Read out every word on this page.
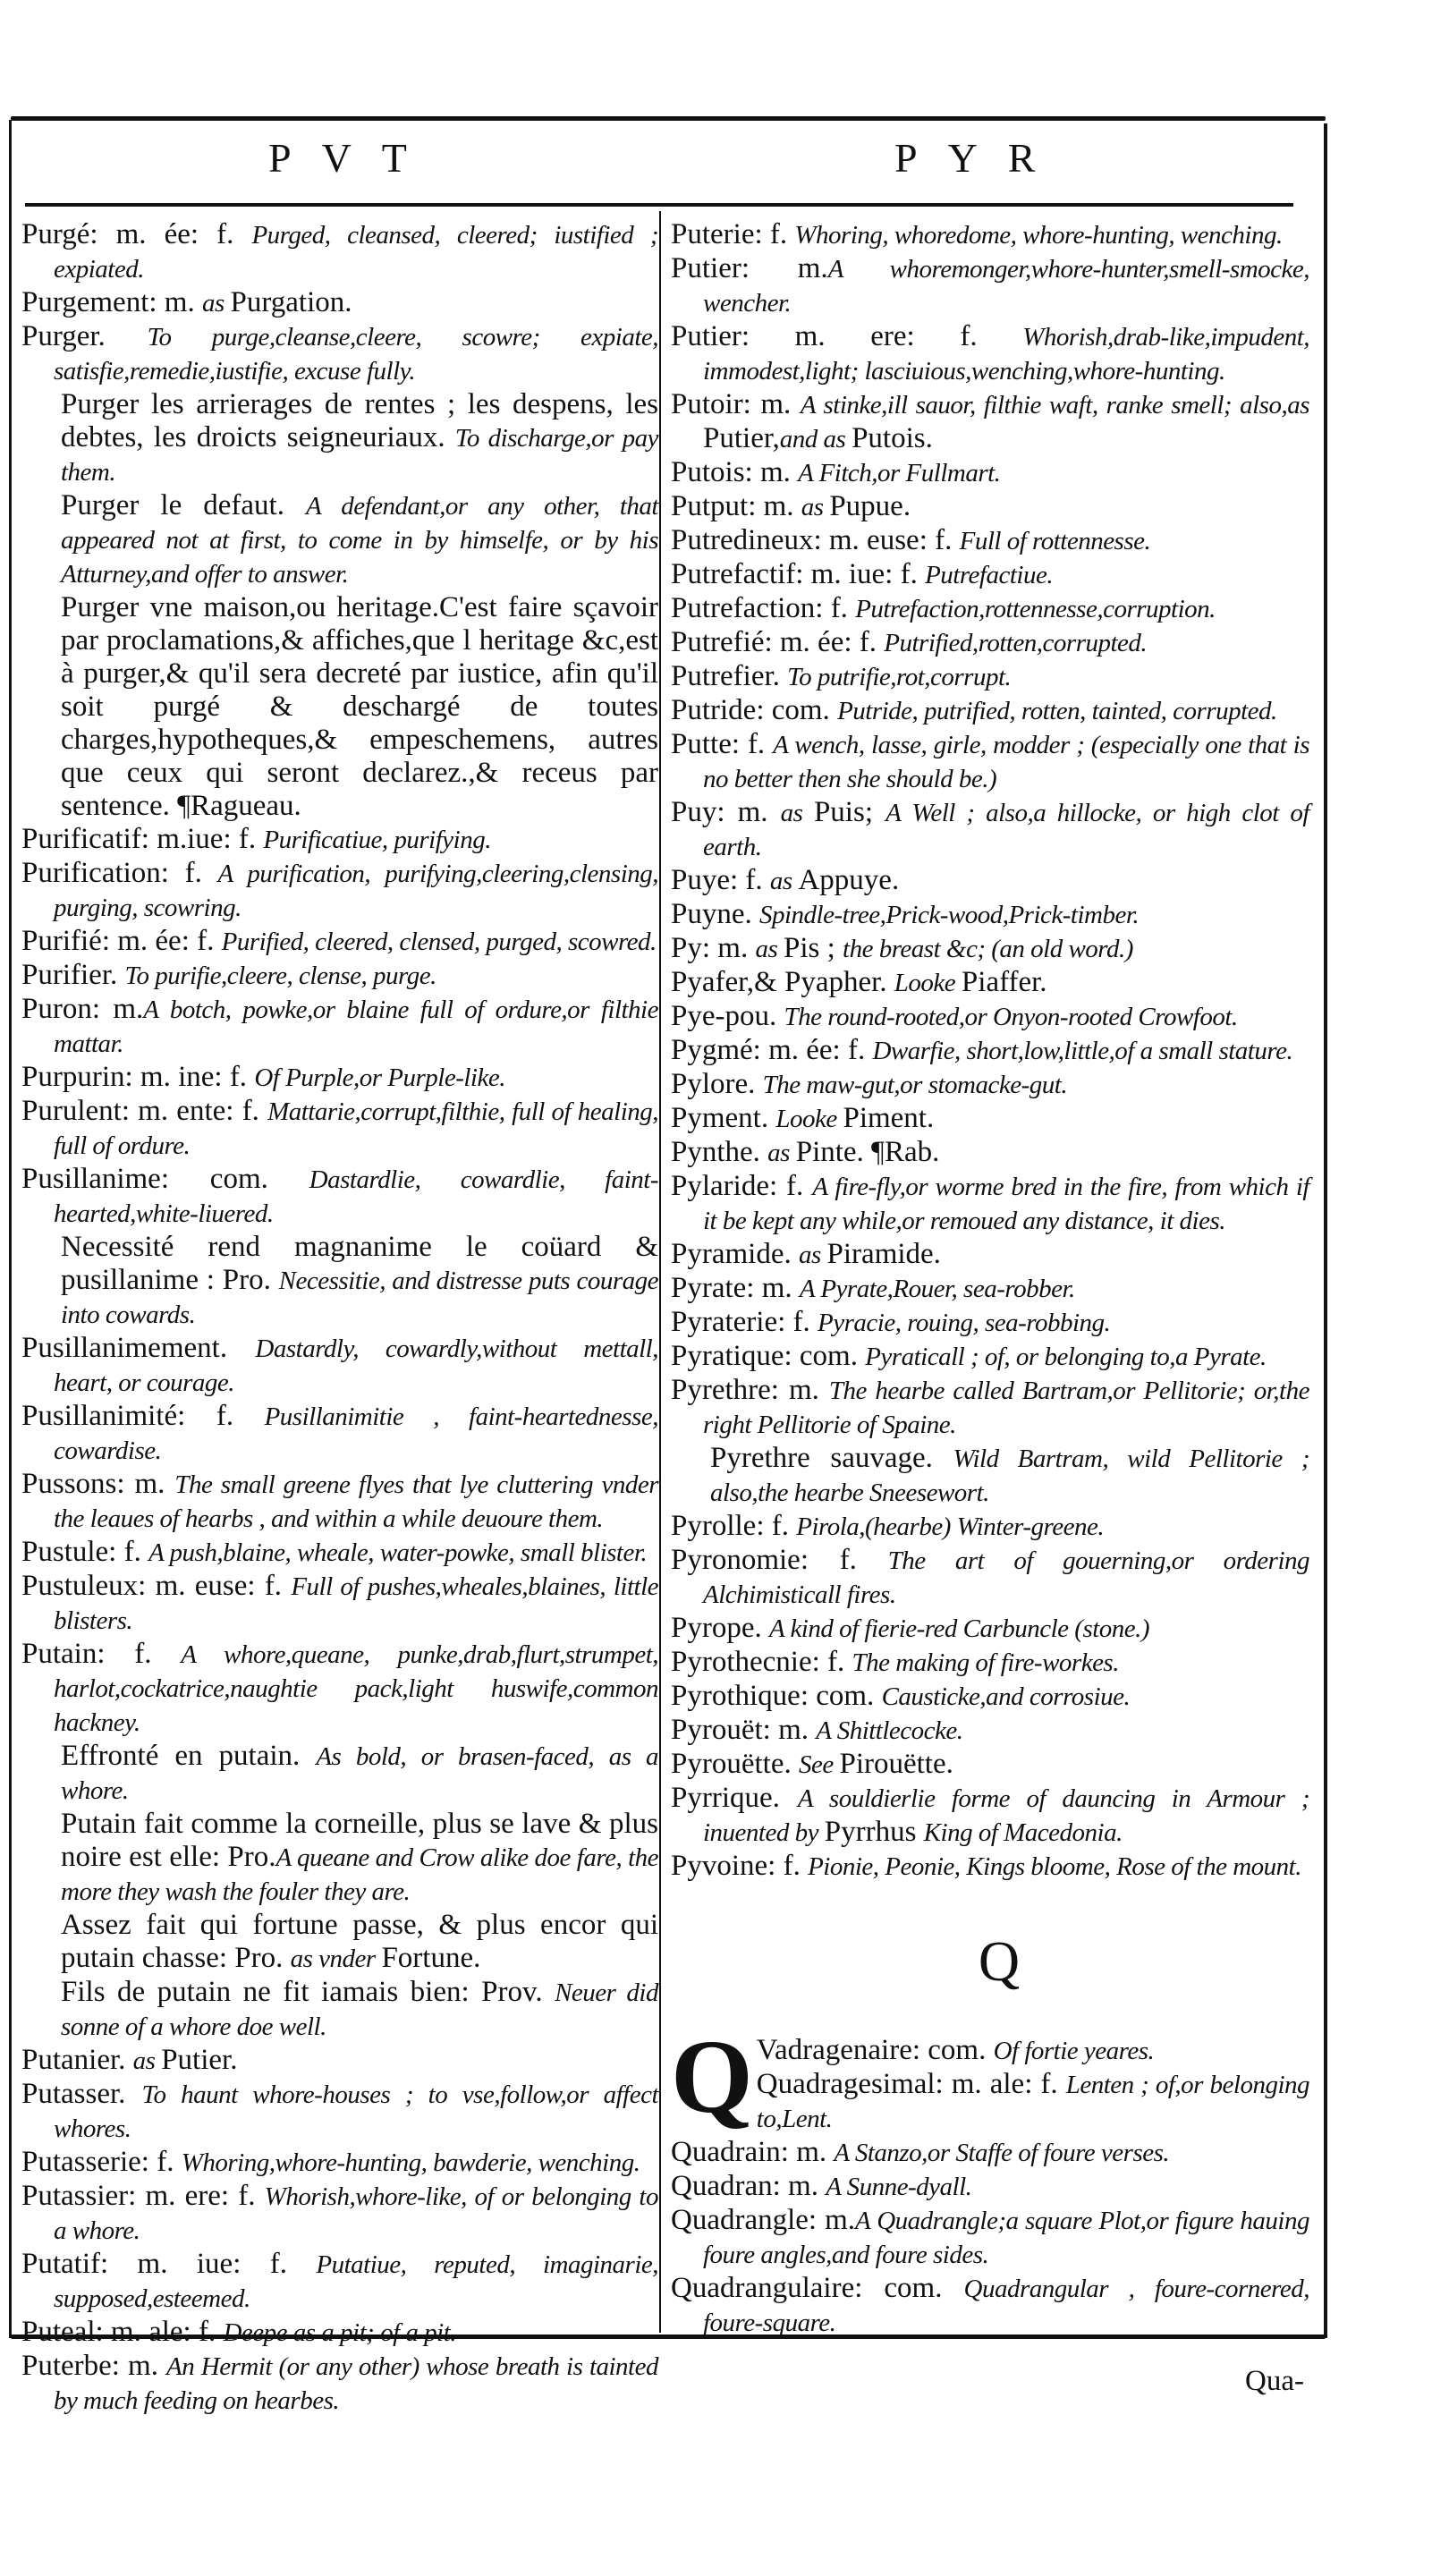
PVT	PYR
Purgé: m. ée: f. Purged, cleansed, cleered; iustified ; expiated.
Purgement: m. as Purgation.
Purger. To purge,cleanse,cleere, scowre; expiate, satisfie,remedie,iustifie, excuse fully.
Purger les arrierages de rentes ; les despens, les debtes, les droicts seigneuriaux. To discharge,or pay them.
Purger le defaut. A defendant,or any other, that appeared not at first, to come in by himselfe, or by his Atturney,and offer to answer.
Purger vne maison,ou heritage.C'est faire sçavoir par proclamations,& affiches,que l heritage &c,est à purger,& qu'il sera decreté par iustice, afin qu'il soit purgé & deschargé de toutes charges,hypotheques,& empeschemens, autres que ceux qui seront declarez.,& receus par sentence. ¶Ragueau.
Purificatif: m.iue: f. Purificatiue, purifying.
Purification: f. A purification, purifying,cleering,clensing, purging, scowring.
Purifié: m. ée: f. Purified, cleered, clensed, purged, scowred.
Purifier. To purifie,cleere, clense, purge.
Puron: m.A botch, powke,or blaine full of ordure,or filthie mattar.
Purpurin: m. ine: f. Of Purple,or Purple-like.
Purulent: m. ente: f. Mattarie,corrupt,filthie, full of healing, full of ordure.
Pusillanime: com. Dastardlie, cowardlie, faint-hearted,white-liuered.
Necessité rend magnanime le coüard & pusillanime : Pro. Necessitie, and distresse puts courage into cowards.
Pusillanimement. Dastardly, cowardly,without mettall, heart, or courage.
Pusillanimité: f. Pusillanimitie , faint-heartednesse, cowardise.
Pussons: m. The small greene flyes that lye cluttering vnder the leaues of hearbs , and within a while deuoure them.
Pustule: f. A push,blaine, wheale, water-powke, small blister.
Pustuleux: m. euse: f. Full of pushes,wheales,blaines, little blisters.
Putain: f. A whore,queane, punke,drab,flurt,strumpet, harlot,cockatrice,naughtie pack,light huswife,common hackney.
Effronté en putain. As bold, or brasen-faced, as a whore.
Putain fait comme la corneille, plus se lave & plus noire est elle: Pro.A queane and Crow alike doe fare, the more they wash the fouler they are.
Assez fait qui fortune passe, & plus encor qui putain chasse: Pro. as vnder Fortune.
Fils de putain ne fit iamais bien: Prov. Neuer did sonne of a whore doe well.
Putanier. as Putier.
Putasser. To haunt whore-houses ; to vse,follow,or affect whores.
Putasserie: f. Whoring,whore-hunting, bawderie, wenching.
Putassier: m. ere: f. Whorish,whore-like, of or belonging to a whore.
Putatif: m. iue: f. Putatiue, reputed, imaginarie, supposed,esteemed.
Puteal: m. ale: f. Deepe as a pit; of a pit.
Puterbe: m. An Hermit (or any other) whose breath is tainted by much feeding on hearbes.
Puterie: f. Whoring, whoredome, whore-hunting, wenching.
Putier: m.A whoremonger,whore-hunter,smell-smocke, wencher.
Putier: m. ere: f. Whorish,drab-like,impudent, immodest,light; lasciuious,wenching,whore-hunting.
Putoir: m. A stinke,ill sauor, filthie waft, ranke smell; also,as Putier,and as Putois.
Putois: m. A Fitch,or Fullmart.
Putput: m. as Pupue.
Putredineux: m. euse: f. Full of rottennesse.
Putrefactif: m. iue: f. Putrefactiue.
Putrefaction: f. Putrefaction,rottennesse,corruption.
Putrefié: m. ée: f. Putrified,rotten,corrupted.
Putrefier. To putrifie,rot,corrupt.
Putride: com. Putride, putrified, rotten, tainted, corrupted.
Putte: f. A wench, lasse, girle, modder ; (especially one that is no better then she should be.)
Puy: m. as Puis; A Well ; also,a hillocke, or high clot of earth.
Puye: f. as Appuye.
Puyne. Spindle-tree,Prick-wood,Prick-timber.
Py: m. as Pis ; the breast &c; (an old word.)
Pyafer,& Pyapher. Looke Piaffer.
Pye-pou. The round-rooted,or Onyon-rooted Crowfoot.
Pygmé: m. ée: f. Dwarfie, short,low,little,of a small stature.
Pylore. The maw-gut,or stomacke-gut.
Pyment. Looke Piment.
Pynthe. as Pinte. ¶Rab.
Pylaride: f. A fire-fly,or worme bred in the fire, from which if it be kept any while,or remoued any distance, it dies.
Pyramide. as Piramide.
Pyrate: m. A Pyrate,Rouer, sea-robber.
Pyraterie: f. Pyracie, rouing, sea-robbing.
Pyratique: com. Pyraticall ; of, or belonging to,a Pyrate.
Pyrethre: m. The hearbe called Bartram,or Pellitorie; or,the right Pellitorie of Spaine.
Pyrethre sauvage. Wild Bartram, wild Pellitorie ; also,the hearbe Sneesewort.
Pyrolle: f. Pirola,(hearbe) Winter-greene.
Pyronomie: f. The art of gouerning,or ordering Alchimisticall fires.
Pyrope. A kind of fierie-red Carbuncle (stone.)
Pyrothecnie: f. The making of fire-workes.
Pyrothique: com. Causticke,and corrosiue.
Pyrouët: m. A Shittlecocke.
Pyrouëtte. See Pirouëtte.
Pyrrique. A souldierlie forme of dauncing in Armour ; inuented by Pyrrhus King of Macedonia.
Pyvoine: f. Pionie, Peonie, Kings bloome, Rose of the mount.
Q
Q Vadragenaire: com. Of fortie yeares.
Quadragesimal: m. ale: f. Lenten ; of,or belonging to,Lent.
Quadrain: m. A Stanzo,or Staffe of foure verses.
Quadran: m. A Sunne-dyall.
Quadrangle: m.A Quadrangle;a square Plot,or figure hauing foure angles,and foure sides.
Quadrangulaire: com. Quadrangular , foure-cornered, foure-square.
Qua-
